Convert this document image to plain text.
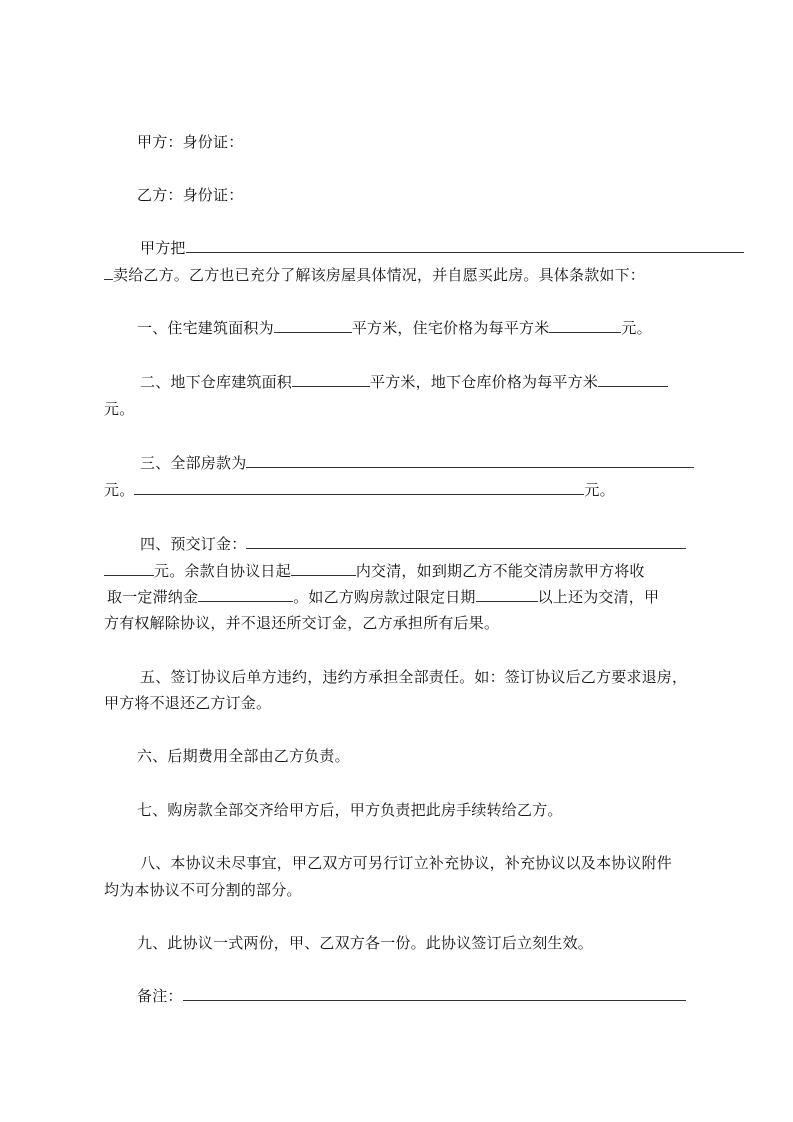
甲方：身份证：
乙方：身份证：
甲方把
卖给乙方。乙方也已充分了解该房屋具体情况，并自愿买此房。具体条款如下：
一、住宅建筑面积为	平方米，住宅价格为每平方米	元。
二、地下仓库建筑面积	平方米，地下仓库价格为每平方米
元。
三、全部房款为
元。	元。
四、预交订金：
元。余款自协议日起	内交清，如到期乙方不能交清房款甲方将收
取一定滞纳金	。如乙方购房款过限定日期	以上还为交清，甲
方有权解除协议，并不退还所交订金，乙方承担所有后果。
五、签订协议后单方违约，违约方承担全部责任。如：签订协议后乙方要求退房，
甲方将不退还乙方订金。
六、后期费用全部由乙方负责。
七、购房款全部交齐给甲方后，甲方负责把此房手续转给乙方。
八、本协议未尽事宜，甲乙双方可另行订立补充协议，补充协议以及本协议附件
均为本协议不可分割的部分。
九、此协议一式两份，甲、乙双方各一份。此协议签订后立刻生效。
备注：
